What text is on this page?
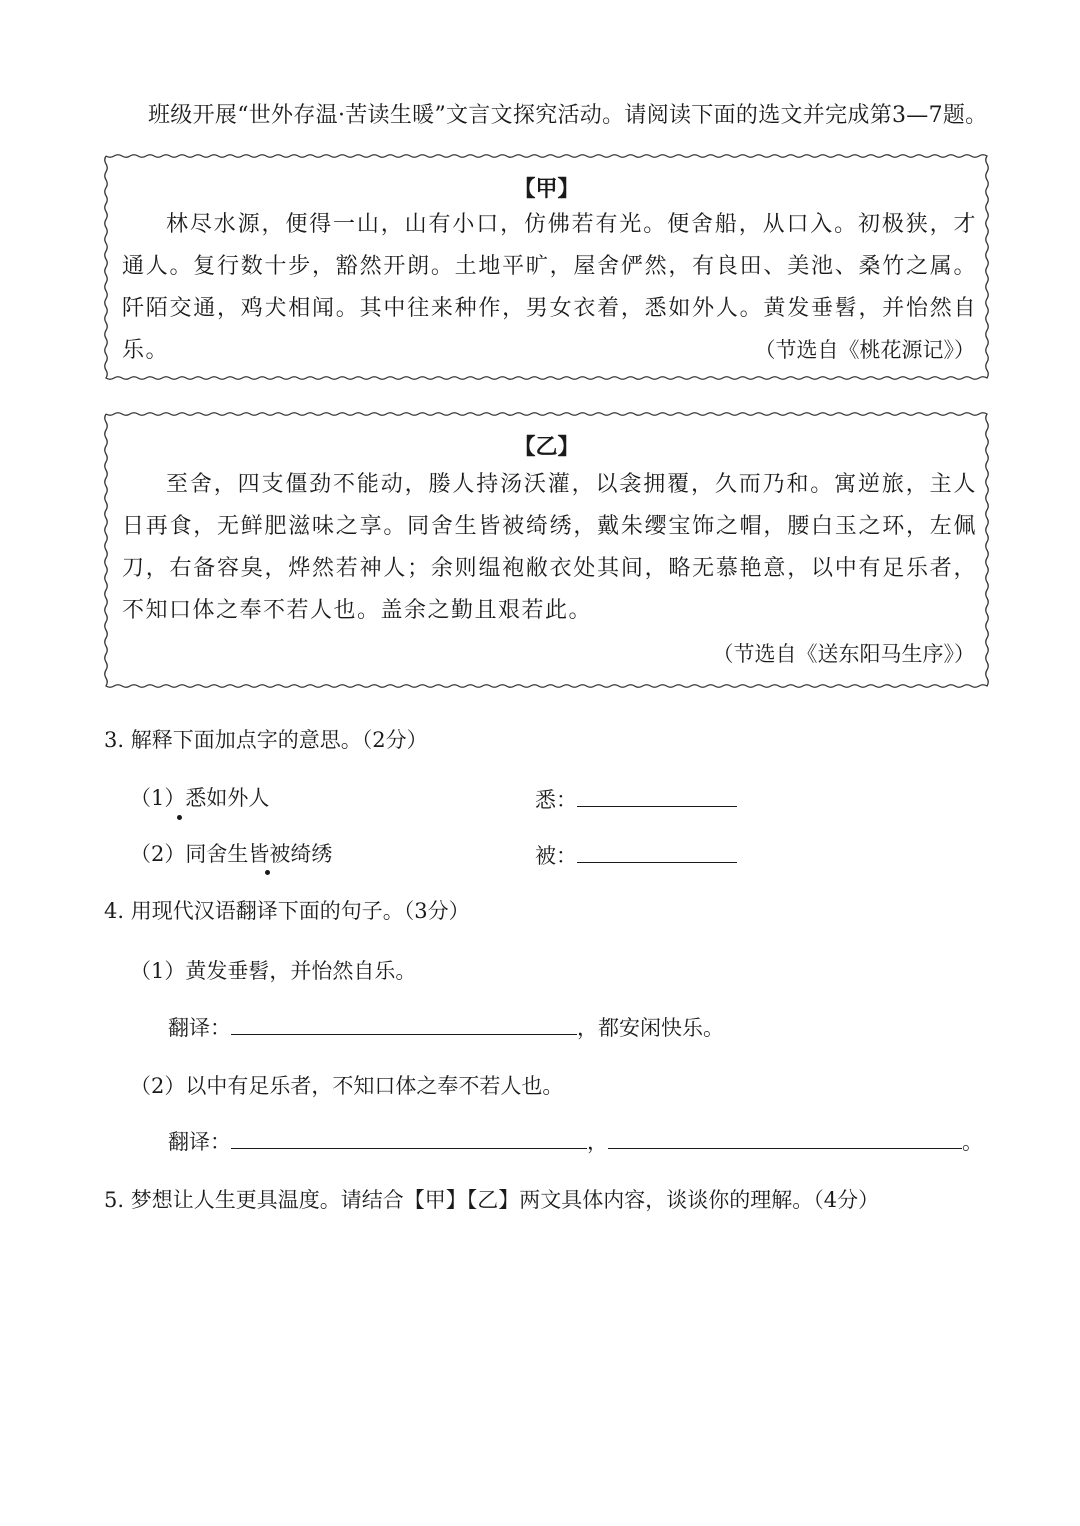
班级开展“世外存温·苦读生暖”文言文探究活动。请阅读下面的选文并完成第3—7题。
【甲】
林尽水源，便得一山，山有小口，仿佛若有光。便舍船，从口入。初极狭，才通人。复行数十步，豁然开朗。土地平旷，屋舍俨然，有良田、美池、桑竹之属。阡陌交通，鸡犬相闻。其中往来种作，男女衣着，悉如外人。黄发垂髫，并怡然自乐。	（节选自《桃花源记》）
【乙】
至舍，四支僵劲不能动，媵人持汤沃灌，以衾拥覆，久而乃和。寓逆旅，主人日再食，无鲜肥滋味之享。同舍生皆被绮绣，戴朱缨宝饰之帽，腰白玉之环，左佩刀，右备容臭，烨然若神人；余则缊袍敝衣处其间，略无慕艳意，以中有足乐者，不知口体之奉不若人也。盖余之勤且艰若此。
（节选自《送东阳马生序》）
3. 解释下面加点字的意思。（2分）
（1）悉如外人	悉：
（2）同舍生皆被绮绣	被：
4. 用现代汉语翻译下面的句子。（3分）
（1）黄发垂髫，并怡然自乐。
翻译：	，都安闲快乐。
（2）以中有足乐者，不知口体之奉不若人也。
翻译：	，	。
5. 梦想让人生更具温度。请结合【甲】【乙】两文具体内容，谈谈你的理解。（4分）
